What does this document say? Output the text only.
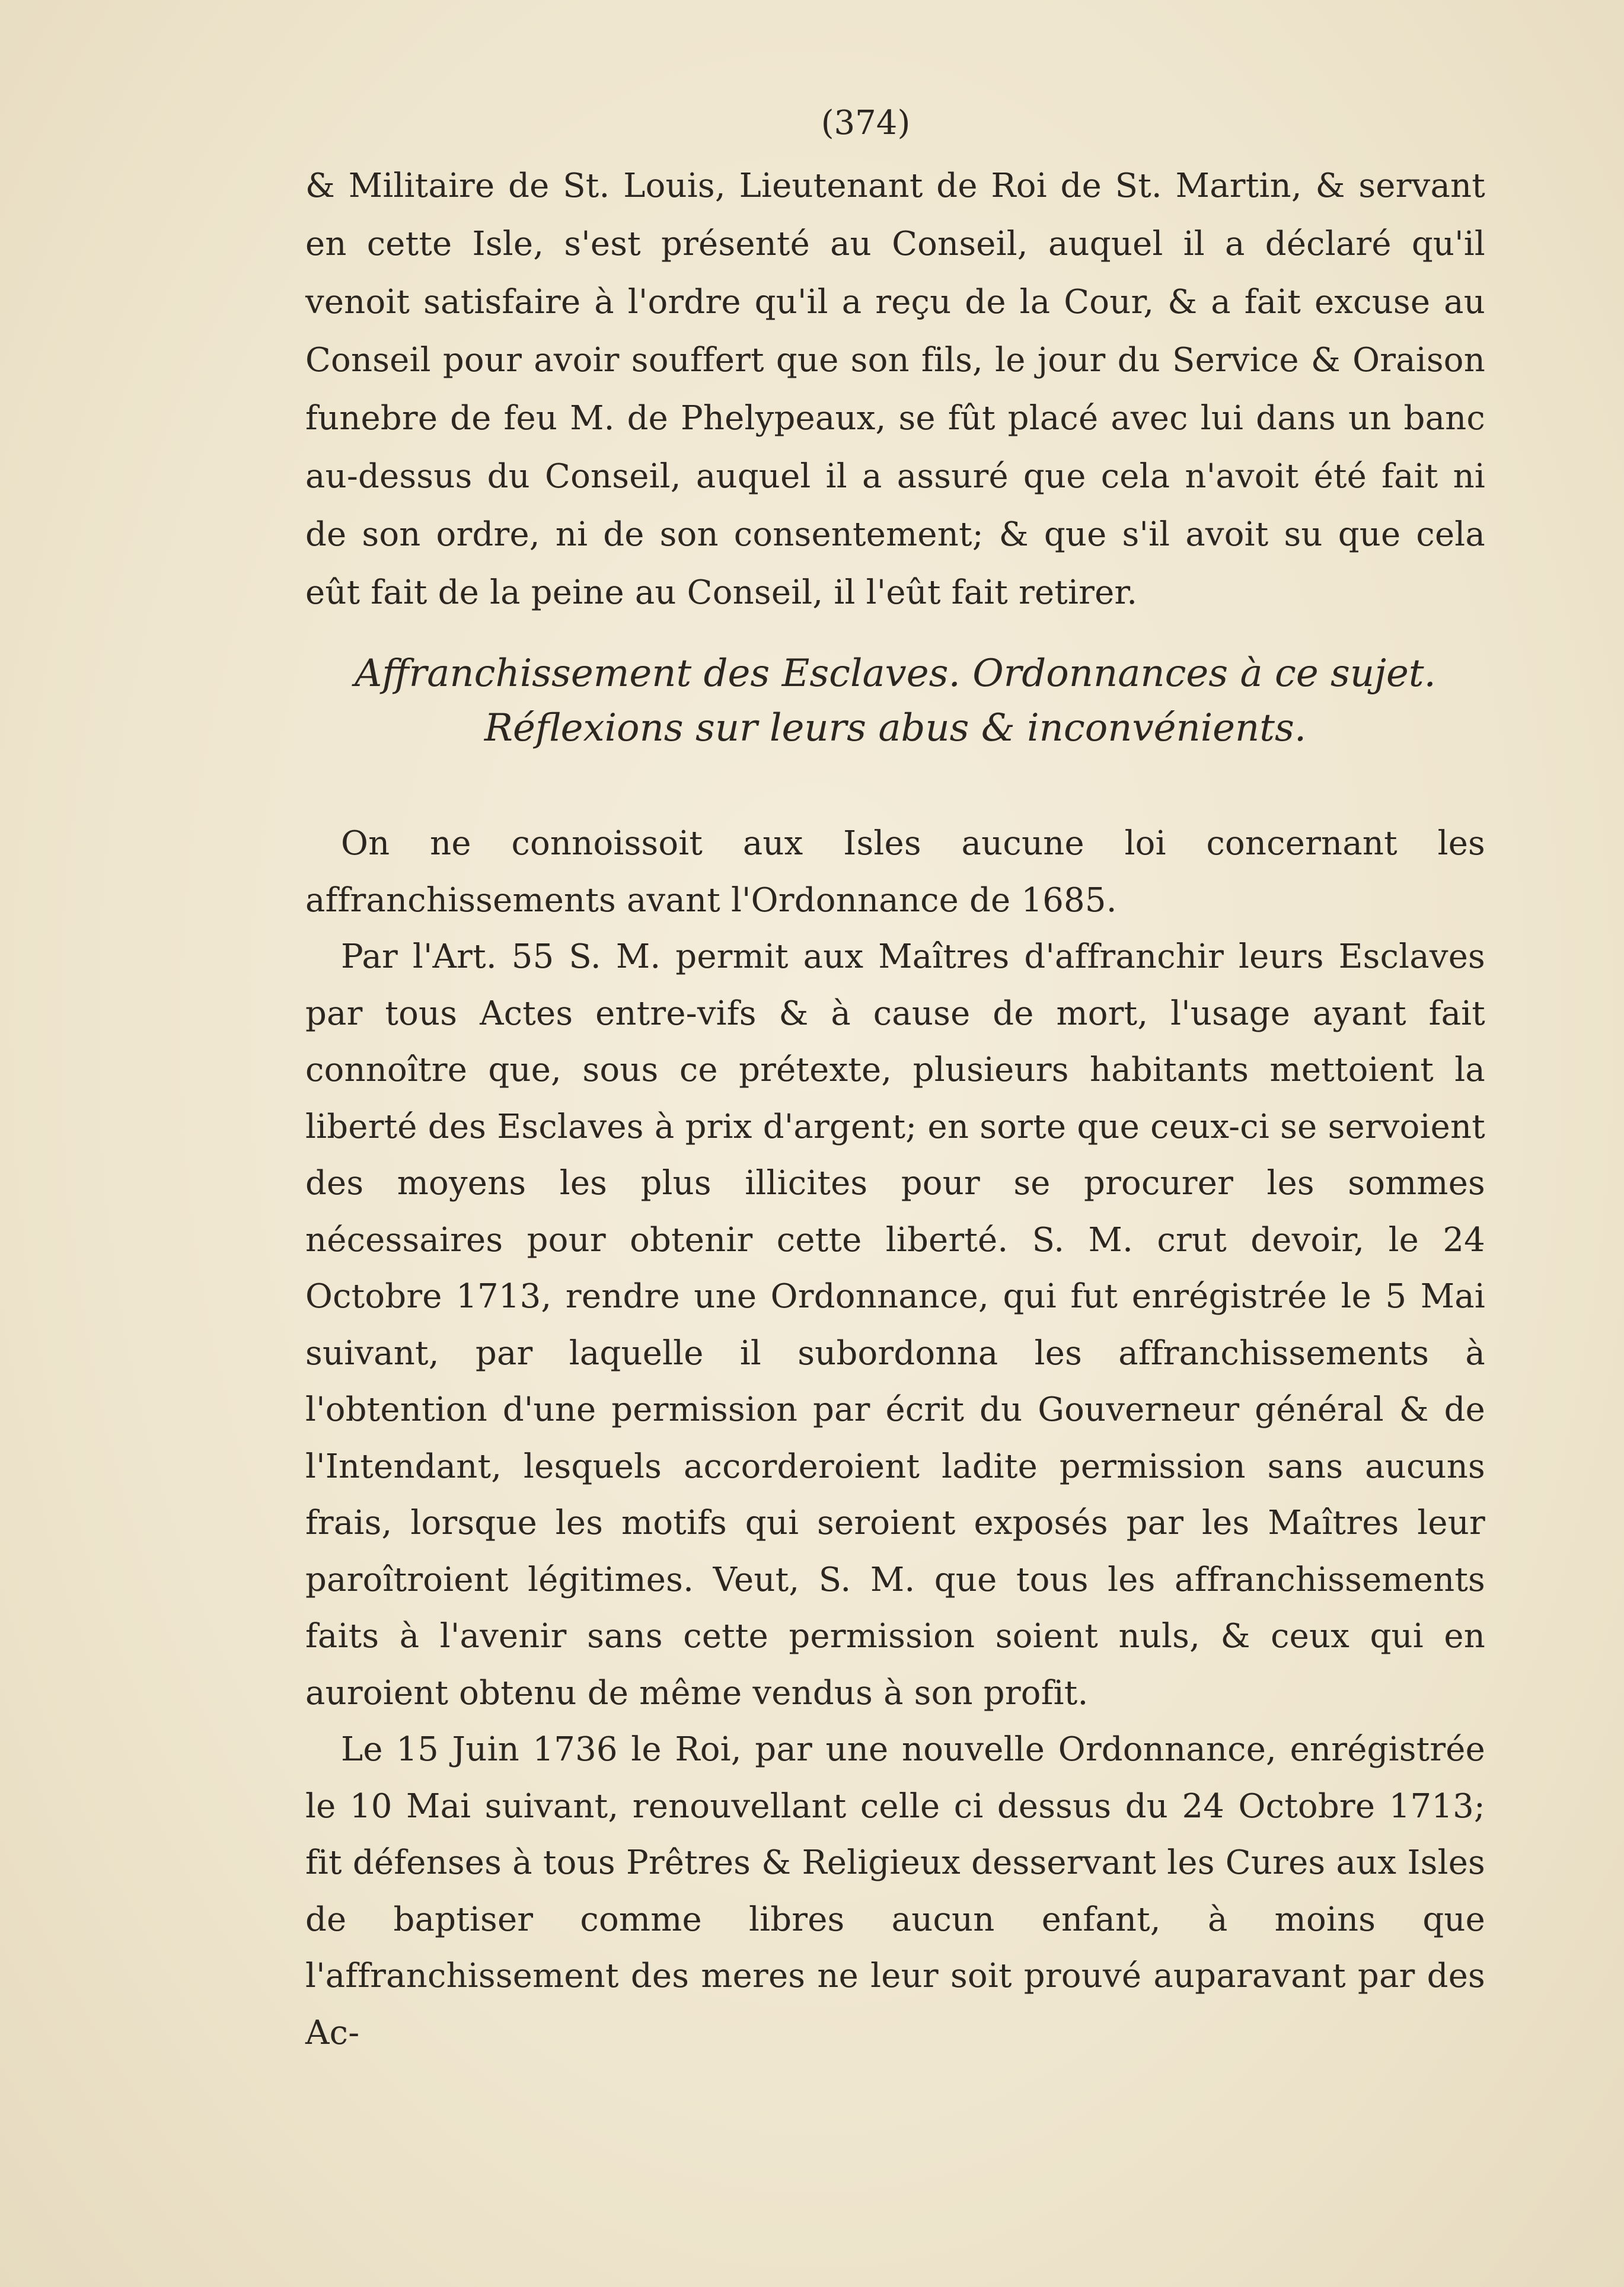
(374)
& Militaire de St. Louis, Lieutenant de Roi de St. Martin, & servant en cette Isle, s'est présenté au Conseil, auquel il a déclaré qu'il venoit satisfaire à l'ordre qu'il a reçu de la Cour, & a fait excuse au Conseil pour avoir souffert que son fils, le jour du Service & Oraison funebre de feu M. de Phelypeaux, se fût placé avec lui dans un banc au-dessus du Conseil, auquel il a assuré que cela n'avoit été fait ni de son ordre, ni de son consentement; & que s'il avoit su que cela eût fait de la peine au Conseil, il l'eût fait retirer.
Affranchissement des Esclaves. Ordonnances à ce sujet.
Réflexions sur leurs abus & inconvénients.

On ne connoissoit aux Isles aucune loi concernant les affranchissements avant l'Ordonnance de 1685.

Par l'Art. 55 S. M. permit aux Maîtres d'affranchir leurs Esclaves par tous Actes entre-vifs & à cause de mort, l'usage ayant fait connoître que, sous ce prétexte, plusieurs habitants mettoient la liberté des Esclaves à prix d'argent; en sorte que ceux-ci se servoient des moyens les plus illicites pour se procurer les sommes nécessaires pour obtenir cette liberté. S. M. crut devoir, le 24 Octobre 1713, rendre une Ordonnance, qui fut enrégistrée le 5 Mai suivant, par laquelle il subordonna les affranchissements à l'obtention d'une permission par écrit du Gouverneur général & de l'Intendant, lesquels accorderoient ladite permission sans aucuns frais, lorsque les motifs qui seroient exposés par les Maîtres leur paroîtroient légitimes. Veut, S. M. que tous les affranchissements faits à l'avenir sans cette permission soient nuls, & ceux qui en auroient obtenu de même vendus à son profit.

Le 15 Juin 1736 le Roi, par une nouvelle Ordonnance, enrégistrée le 10 Mai suivant, renouvellant celle ci dessus du 24 Octobre 1713; fit défenses à tous Prêtres & Religieux desservant les Cures aux Isles de baptiser comme libres aucun enfant, à moins que l'affranchissement des meres ne leur soit prouvé auparavant par des Ac-
